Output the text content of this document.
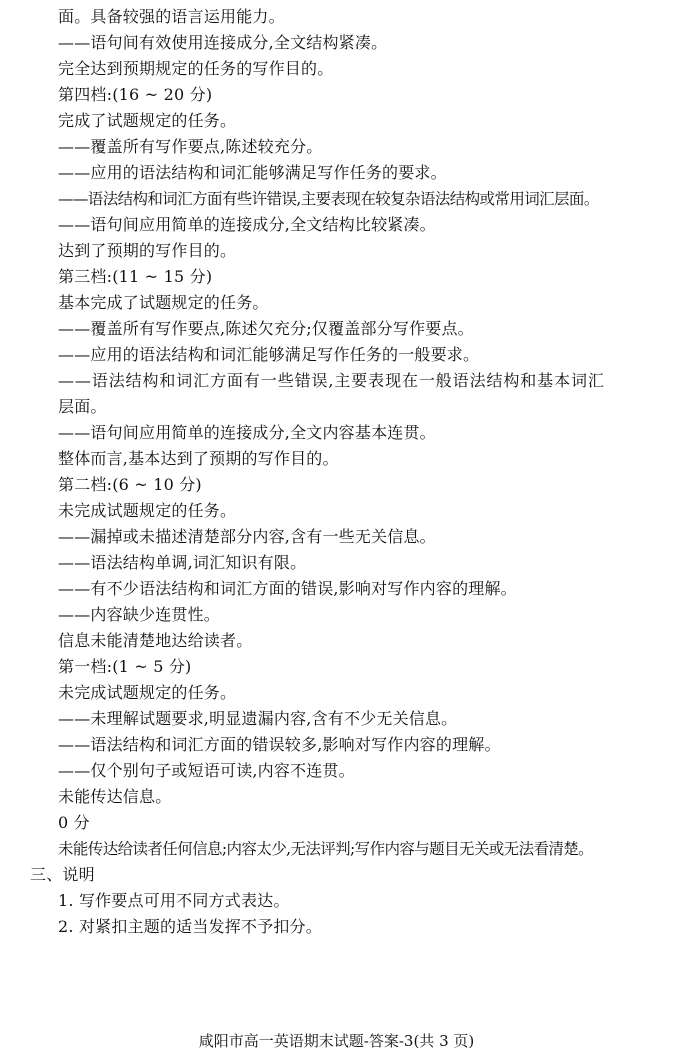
面。具备较强的语言运用能力。
——语句间有效使用连接成分,全文结构紧凑。
完全达到预期规定的任务的写作目的。
第四档:(16 ~ 20 分)
完成了试题规定的任务。
——覆盖所有写作要点,陈述较充分。
——应用的语法结构和词汇能够满足写作任务的要求。
——语法结构和词汇方面有些许错误,主要表现在较复杂语法结构或常用词汇层面。
——语句间应用简单的连接成分,全文结构比较紧凑。
达到了预期的写作目的。
第三档:(11 ~ 15 分)
基本完成了试题规定的任务。
——覆盖所有写作要点,陈述欠充分;仅覆盖部分写作要点。
——应用的语法结构和词汇能够满足写作任务的一般要求。
——语法结构和词汇方面有一些错误,主要表现在一般语法结构和基本词汇
层面。
——语句间应用简单的连接成分,全文内容基本连贯。
整体而言,基本达到了预期的写作目的。
第二档:(6 ~ 10 分)
未完成试题规定的任务。
——漏掉或未描述清楚部分内容,含有一些无关信息。
——语法结构单调,词汇知识有限。
——有不少语法结构和词汇方面的错误,影响对写作内容的理解。
——内容缺少连贯性。
信息未能清楚地达给读者。
第一档:(1 ~ 5 分)
未完成试题规定的任务。
——未理解试题要求,明显遗漏内容,含有不少无关信息。
——语法结构和词汇方面的错误较多,影响对写作内容的理解。
——仅个别句子或短语可读,内容不连贯。
未能传达信息。
0 分
未能传达给读者任何信息;内容太少,无法评判;写作内容与题目无关或无法看清楚。
三、说明
1. 写作要点可用不同方式表达。
2. 对紧扣主题的适当发挥不予扣分。
咸阳市高一英语期末试题-答案-3(共 3 页)
